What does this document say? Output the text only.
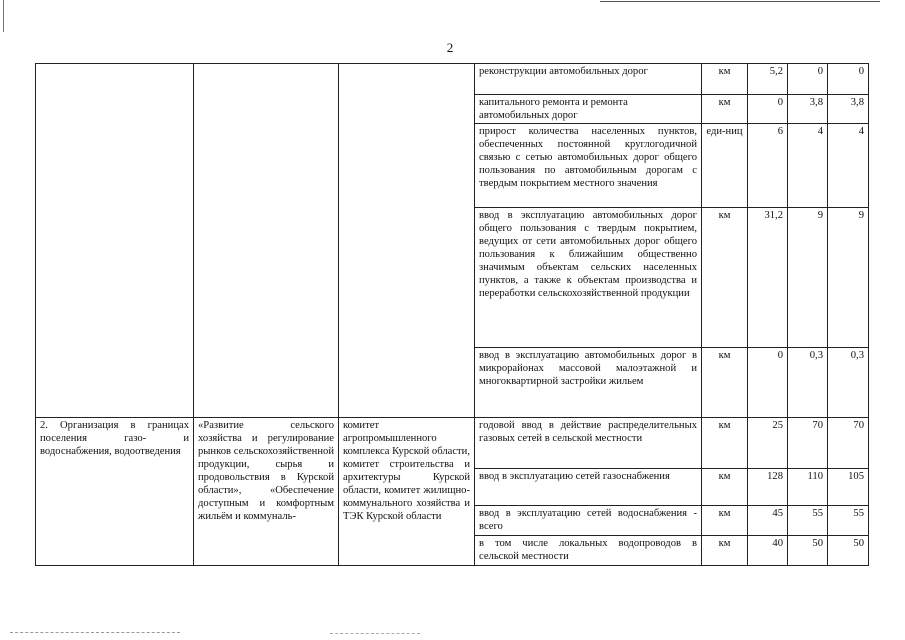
2
			реконструкции автомобильных дорог	км	5,2	0	0
			капитального ремонта и ремонта автомобильных дорог	км	0	3,8	3,8
			прирост количества населенных пунктов, обеспеченных постоянной круглогодичной связью с сетью автомобильных дорог общего пользования по автомобильным дорогам с твердым покрытием местного значения	еди-ниц	6	4	4
			ввод в эксплуатацию автомобильных дорог общего пользования с твердым покрытием, ведущих от сети автомобильных дорог общего пользования к ближайшим общественно значимым объектам сельских населенных пунктов, а также к объектам производства и переработки сельскохозяйственной продукции	км	31,2	9	9
			ввод в эксплуатацию автомобильных дорог в микрорайонах массовой малоэтажной и многоквартирной застройки жильем	км	0	0,3	0,3
2. Организация в границах поселения газо- и водоснабжения, водоотведения	«Развитие сельского хозяйства и регулирование рынков сельскохозяйственной продукции, сырья и продовольствия в Курской области», «Обеспечение доступным и комфортным жильём и коммуналь-	комитет агропромышленного комплекса Курской области, комитет строительства и архитектуры Курской области, комитет жилищно-коммунального хозяйства и ТЭК Курской области	годовой ввод в действие распределительных газовых сетей в сельской местности	км	25	70	70
			ввод в эксплуатацию сетей газоснабжения	км	128	110	105
			ввод в эксплуатацию сетей водоснабжения - всего	км	45	55	55
			в том числе локальных водопроводов в сельской местности	км	40	50	50
